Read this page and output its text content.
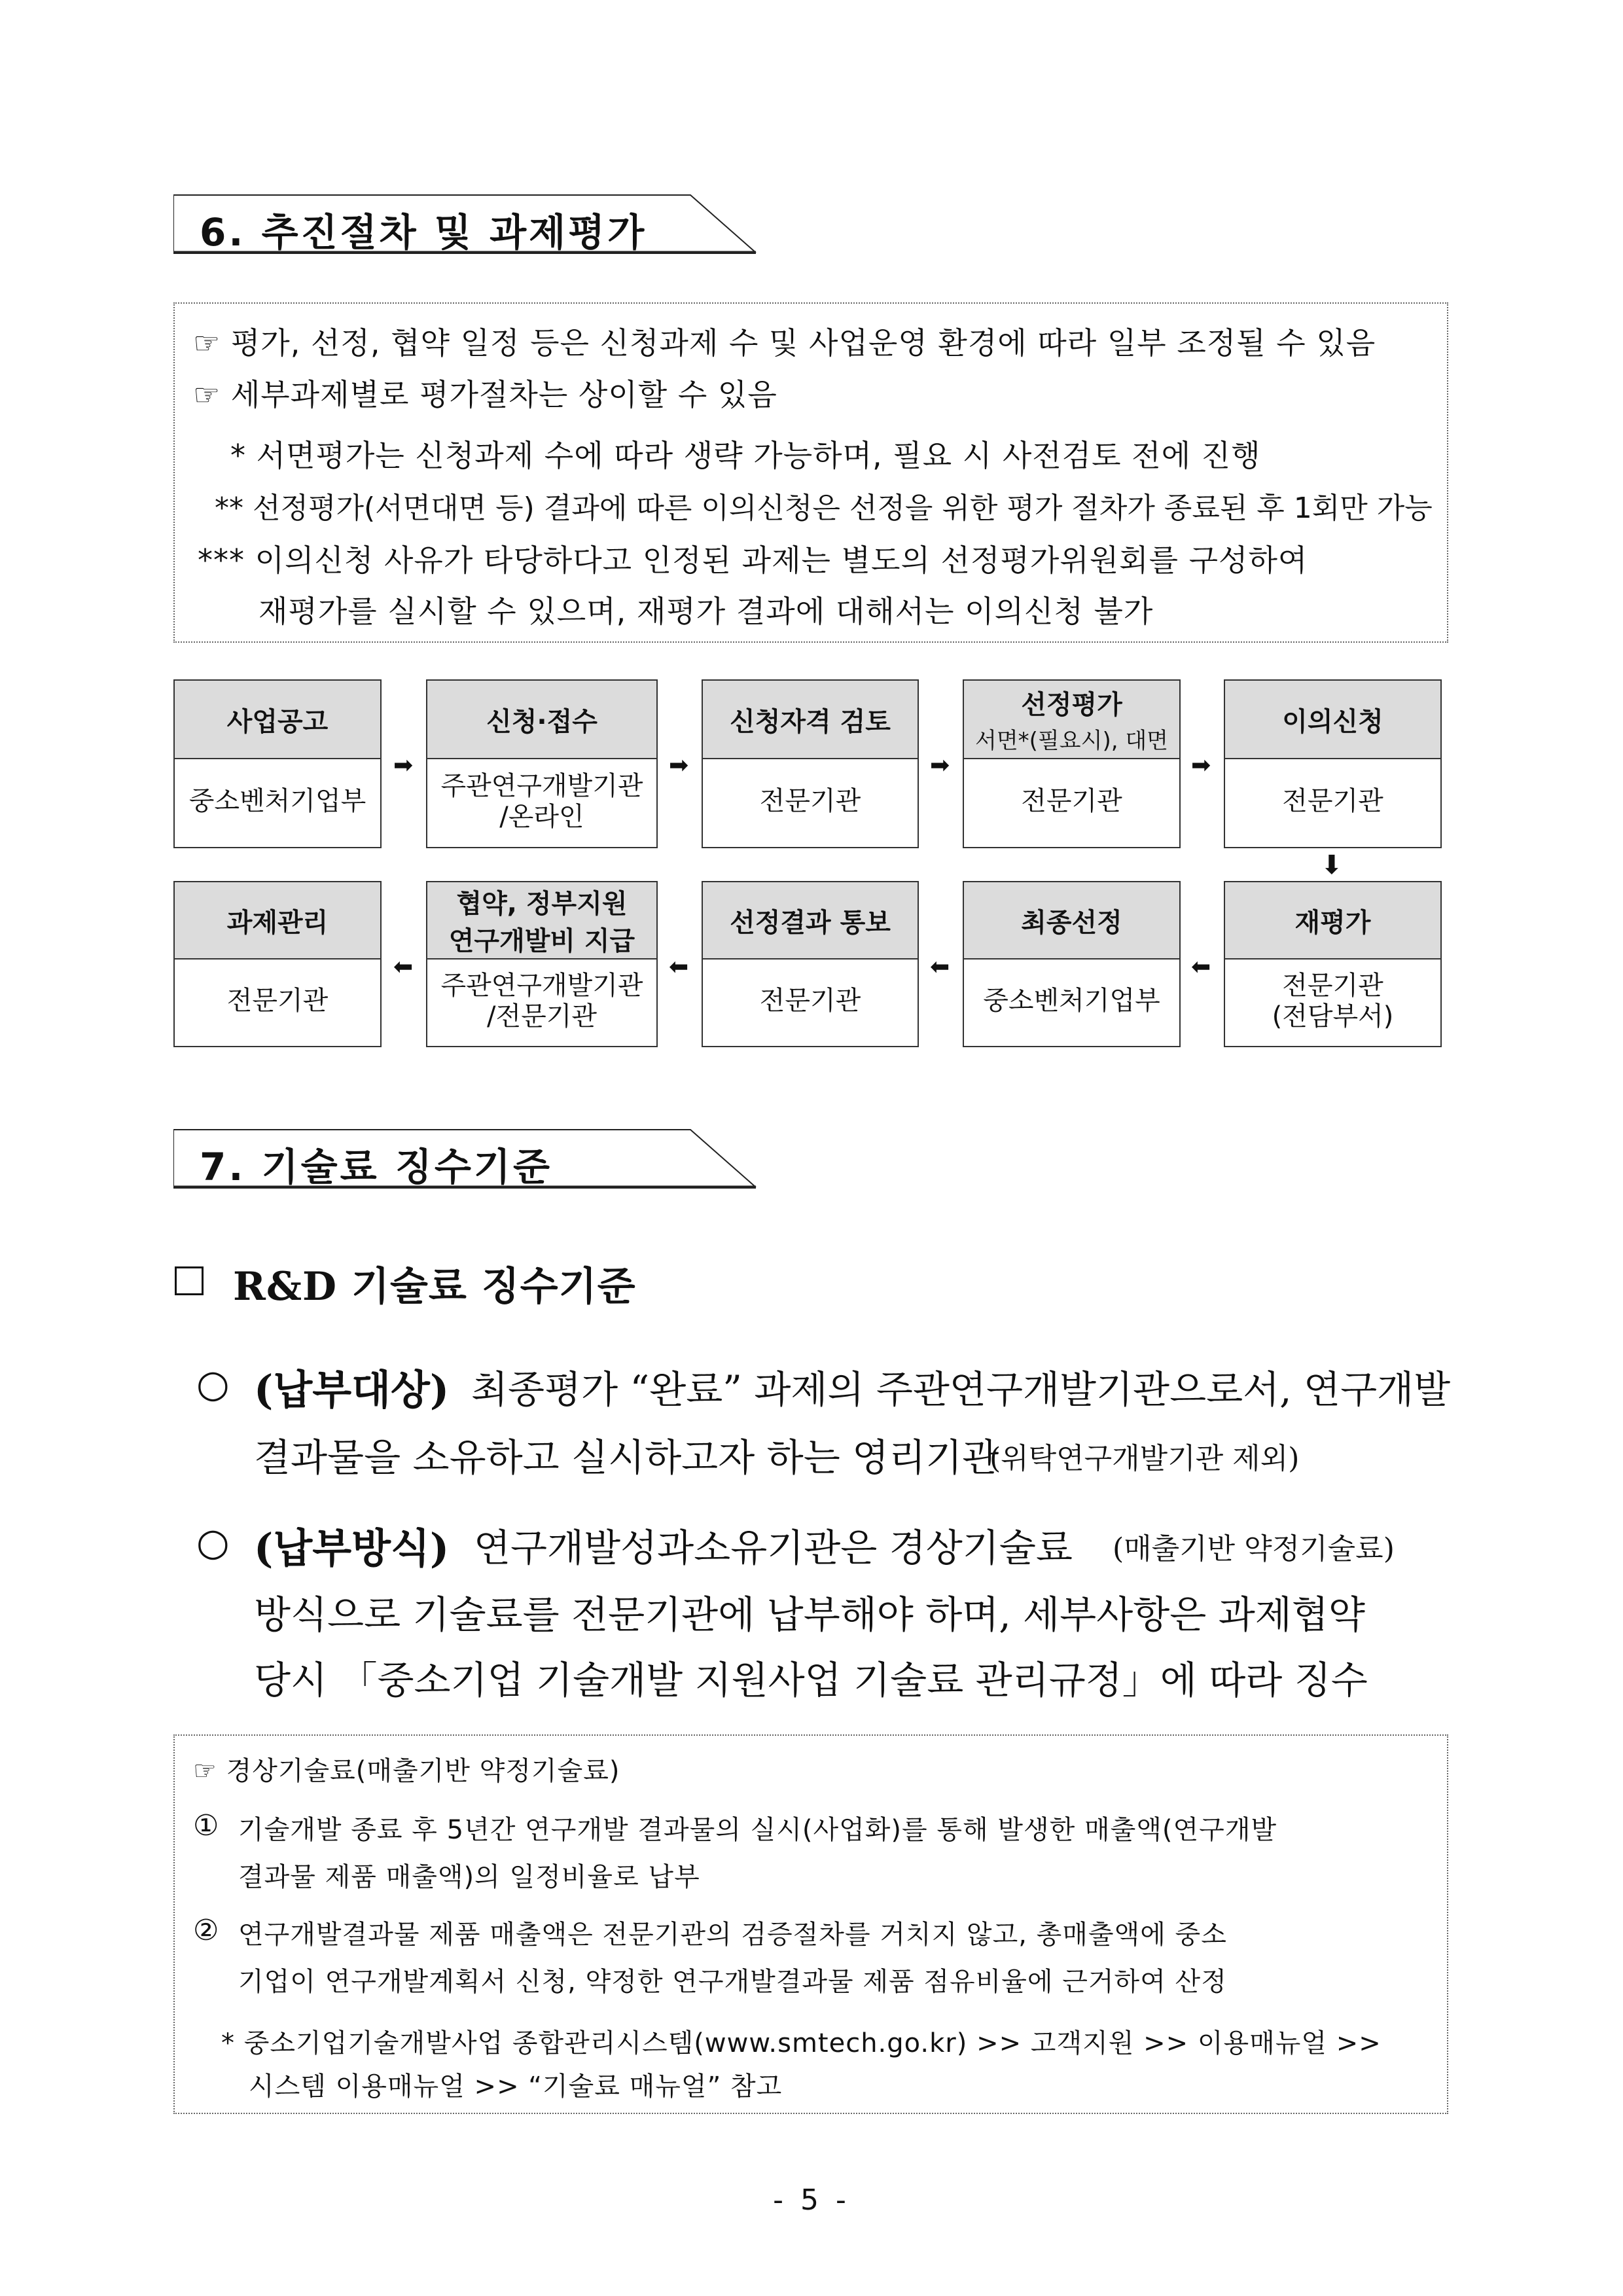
6. 추진절차 및 과제평가
☞ 평가, 선정, 협약 일정 등은 신청과제 수 및 사업운영 환경에 따라 일부 조정될 수 있음
☞ 세부과제별로 평가절차는 상이할 수 있음
* 서면평가는 신청과제 수에 따라 생략 가능하며, 필요 시 사전검토 전에 진행
** 선정평가(서면대면 등) 결과에 따른 이의신청은 선정을 위한 평가 절차가 종료된 후 1회만 가능
*** 이의신청 사유가 타당하다고 인정된 과제는 별도의 선정평가위원회를 구성하여
재평가를 실시할 수 있으며, 재평가 결과에 대해서는 이의신청 불가
사업공고
중소벤처기업부
신청·접수
주관연구개발기관
/온라인
신청자격 검토
전문기관
선정평가
서면*(필요시), 대면
전문기관
이의신청
전문기관
➡	➡	➡	➡
⬇
과제관리
전문기관
협약, 정부지원
연구개발비 지급
주관연구개발기관
/전문기관
선정결과 통보
전문기관
최종선정
중소벤처기업부
재평가
전문기관
(전담부서)
⬅	⬅	⬅	⬅
7. 기술료 징수기준
R&D 기술료 징수기준
○ (납부대상) 최종평가 “완료” 과제의 주관연구개발기관으로서, 연구개발
결과물을 소유하고 실시하고자 하는 영리기관
(위탁연구개발기관 제외)
○ (납부방식) 연구개발성과소유기관은 경상기술료 (매출기반 약정기술료)
방식으로 기술료를 전문기관에 납부해야 하며, 세부사항은 과제협약
당시 「중소기업 기술개발 지원사업 기술료 관리규정」에 따라 징수
☞ 경상기술료(매출기반 약정기술료)
① 기술개발 종료 후 5년간 연구개발 결과물의 실시(사업화)를 통해 발생한 매출액(연구개발
결과물 제품 매출액)의 일정비율로 납부
② 연구개발결과물 제품 매출액은 전문기관의 검증절차를 거치지 않고, 총매출액에 중소
기업이 연구개발계획서 신청, 약정한 연구개발결과물 제품 점유비율에 근거하여 산정
* 중소기업기술개발사업 종합관리시스템(www.smtech.go.kr) >> 고객지원 >> 이용매뉴얼 >>
시스템 이용매뉴얼 >> “기술료 매뉴얼” 참고
- 5 -
